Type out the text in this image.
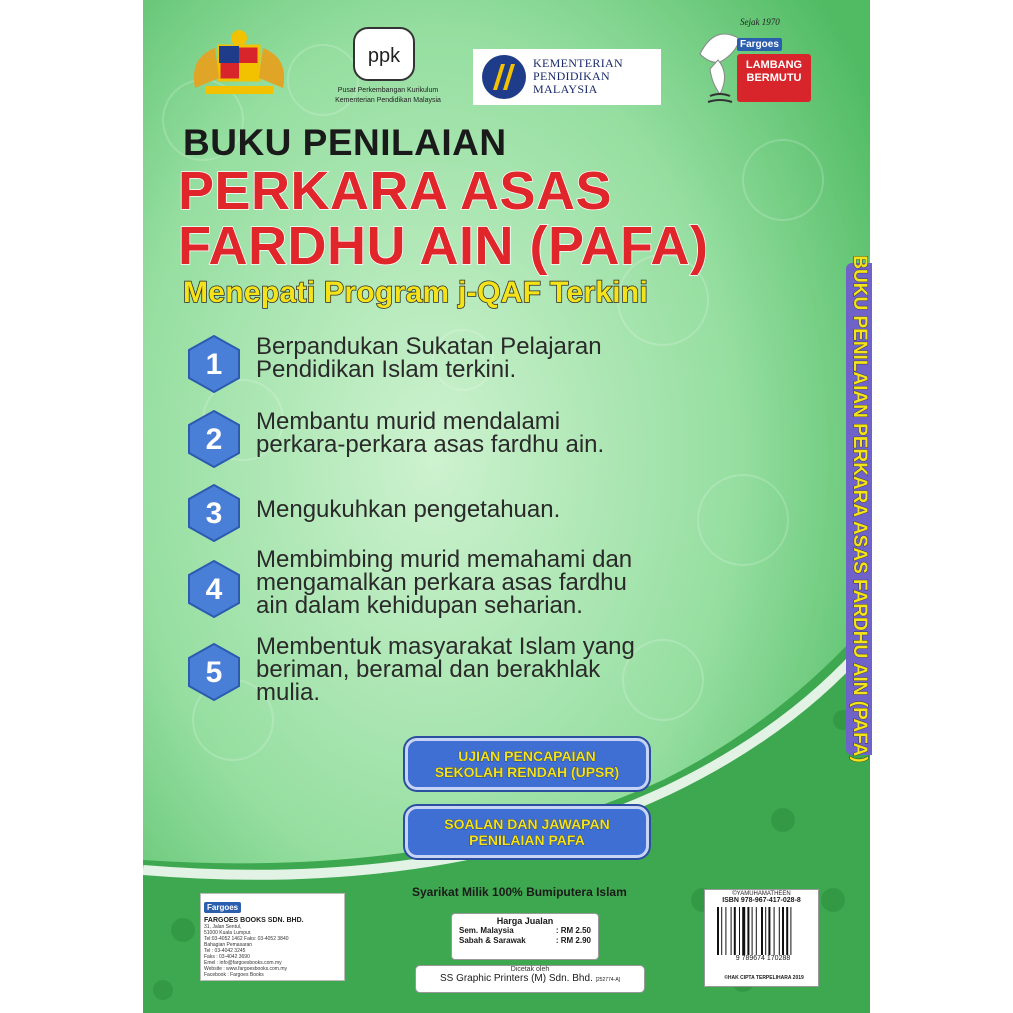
ppk
Pusat Perkembangan Kurikulum
Kementerian Pendidikan Malaysia
KEMENTERIAN
PENDIDIKAN
MALAYSIA
Sejak 1970
Fargoes
LAMBANG
BERMUTU
BUKU PENILAIAN
PERKARA ASAS
FARDHU AIN (PAFA)
Menepati Program j-QAF Terkini
1
Berpandukan Sukatan Pelajaran
Pendidikan Islam terkini.
2
Membantu murid mendalami
perkara-perkara asas fardhu ain.
3 Mengukuhkan pengetahuan.
4
Membimbing murid memahami dan
mengamalkan perkara asas fardhu
ain dalam kehidupan seharian.
5
Membentuk masyarakat Islam yang
beriman, beramal dan berakhlak
mulia.	BUKU PENILAIAN PERKARA ASAS FARDHU AIN (PAFA)
UJIAN PENCAPAIAN
SEKOLAH RENDAH (UPSR)
SOALAN DAN JAWAPAN
PENILAIAN PAFA
Syarikat Milik 100% Bumiputera Islam
Fargoes
FARGOES BOOKS SDN. BHD.
31, Jalan Sentul,
51000 Kuala Lumpur.
Tel:03-4052 1462 Faks: 03-4052 3840
Bahagian Pemasaran
Tel : 03-4042 3245
Faks : 03-4042 3690
Emel : info@fargoesbooks.com.my
Website : www.fargoesbooks.com.my
Facebook : Fargoes Books
Harga Jualan
Sem. Malaysia	: RM 2.50
Sabah & Sarawak	: RM 2.90
Dicetak oleh
SS Graphic Printers (M) Sdn. Bhd. [252774-A]
©YAMUHAMATHEEN
ISBN 978-967-417-028-8
9 789674 170288
©HAK CIPTA TERPELIHARA 2019
